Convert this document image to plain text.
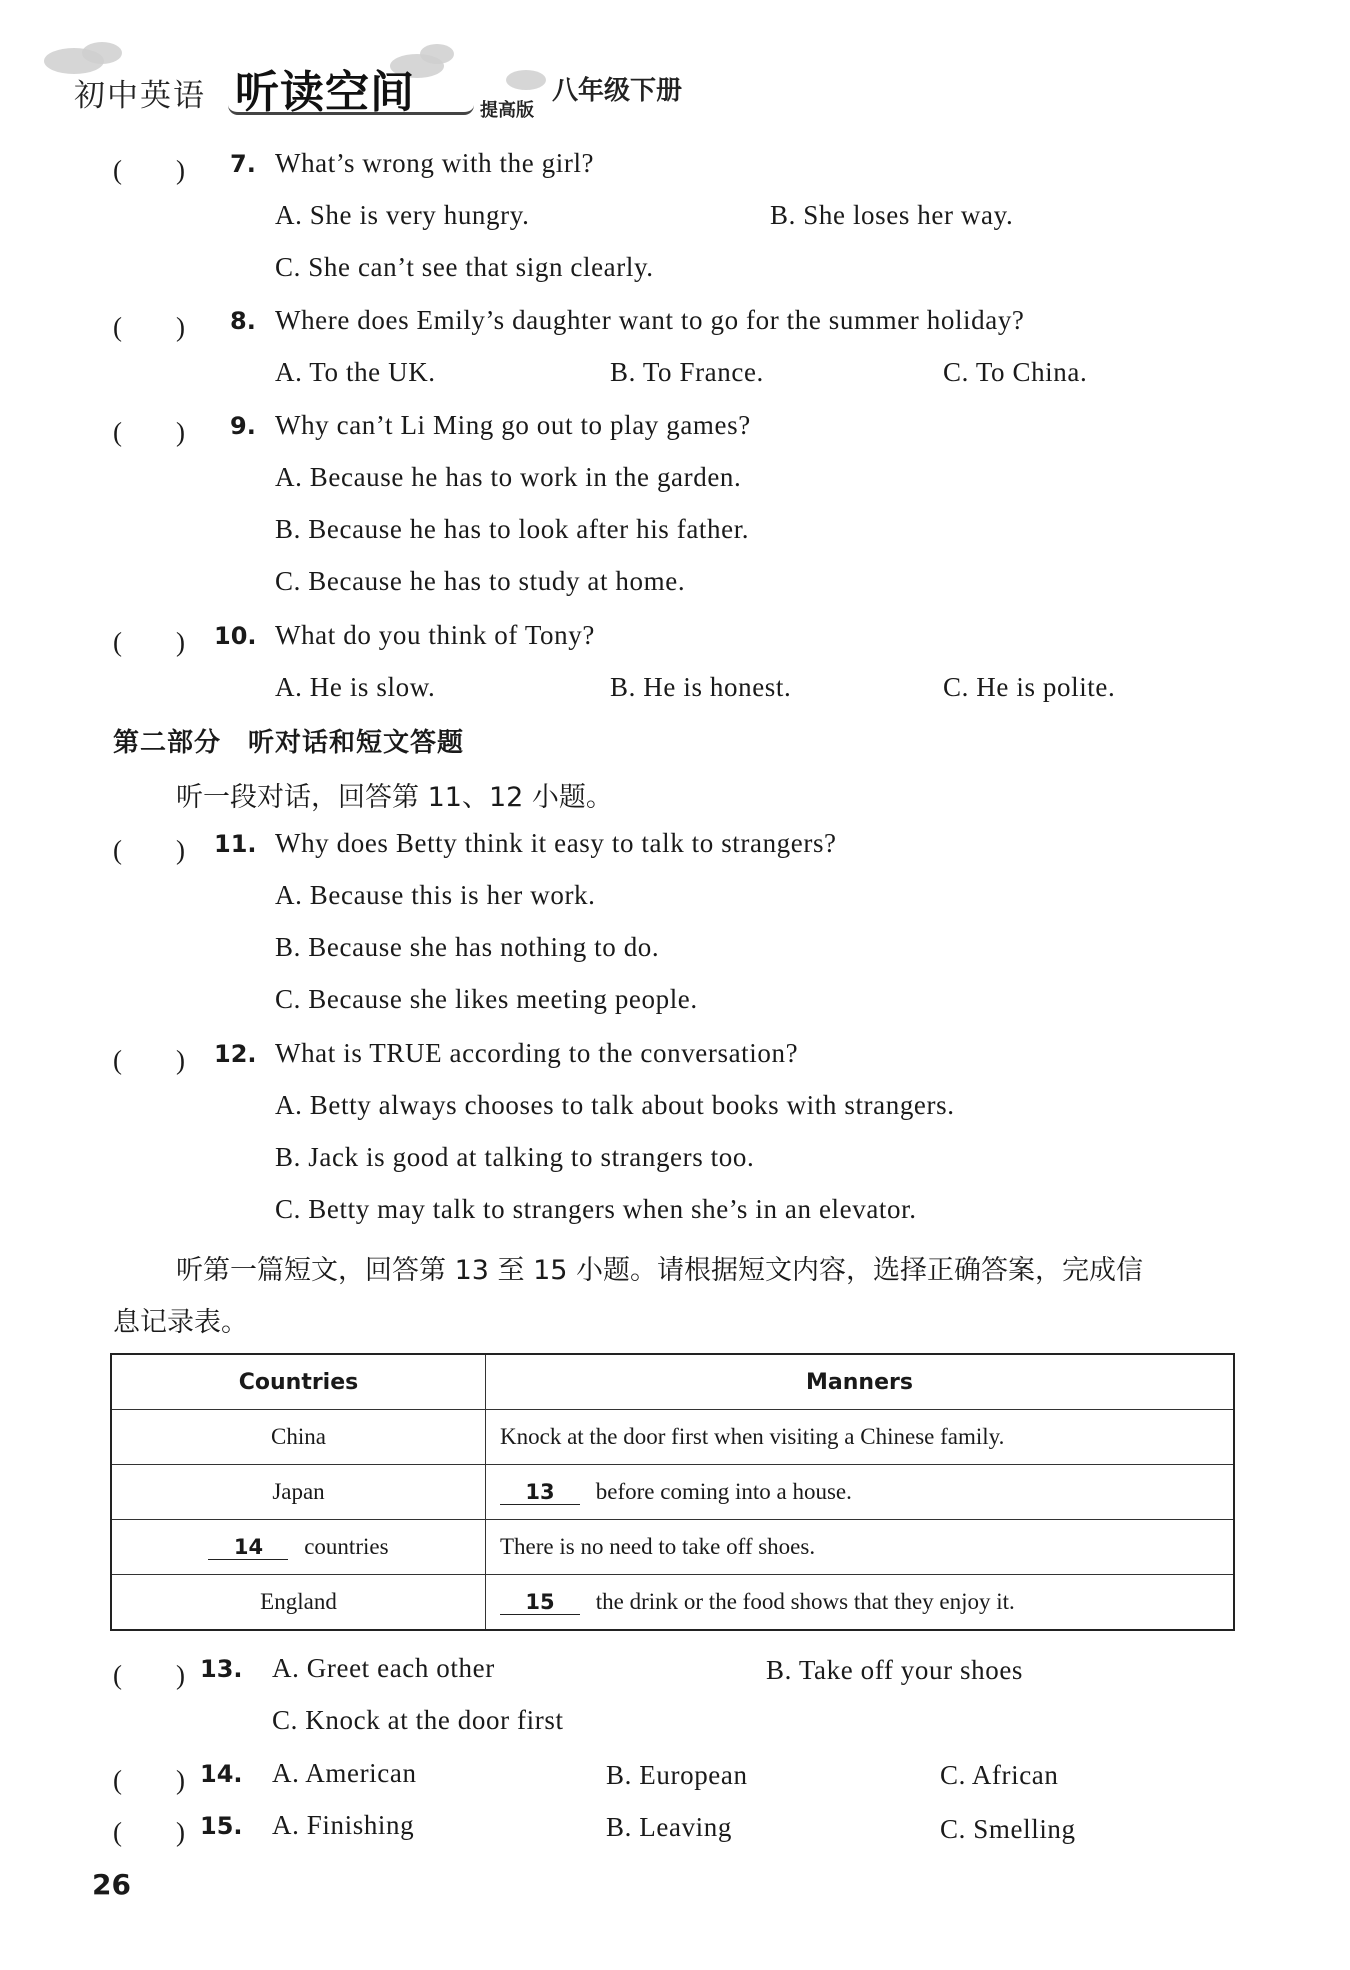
初中英语 听读空间	提高版
八年级下册
(　　) 7. What’s wrong with the girl?
A. She is very hungry.	B. She loses her way.
C. She can’t see that sign clearly.
(　　) 8. Where does Emily’s daughter want to go for the summer holiday?
A. To the UK.	B. To France.	C. To China.
(　　) 9. Why can’t Li Ming go out to play games?
A. Because he has to work in the garden.
B. Because he has to look after his father.
C. Because he has to study at home.
(　　) 10. What do you think of Tony?
A. He is slow.	B. He is honest.	C. He is polite.
第二部分　听对话和短文答题
听一段对话，回答第 11、12 小题。
(　　) 11. Why does Betty think it easy to talk to strangers?
A. Because this is her work.
B. Because she has nothing to do.
C. Because she likes meeting people.
(　　) 12. What is TRUE according to the conversation?
A. Betty always chooses to talk about books with strangers.
B. Jack is good at talking to strangers too.
C. Betty may talk to strangers when she’s in an elevator.
听第一篇短文，回答第 13 至 15 小题。请根据短文内容，选择正确答案，完成信
息记录表。
Countries	Manners
China	Knock at the door first when visiting a Chinese family.
Japan	13 before coming into a house.
14 countries	There is no need to take off shoes.
England	15 the drink or the food shows that they enjoy it.
(　　) 13. A. Greet each other	B. Take off your shoes
C. Knock at the door first
(　　) 14. A. American	B. European	C. African
(　　) 15. A. Finishing	B. Leaving	C. Smelling
26
